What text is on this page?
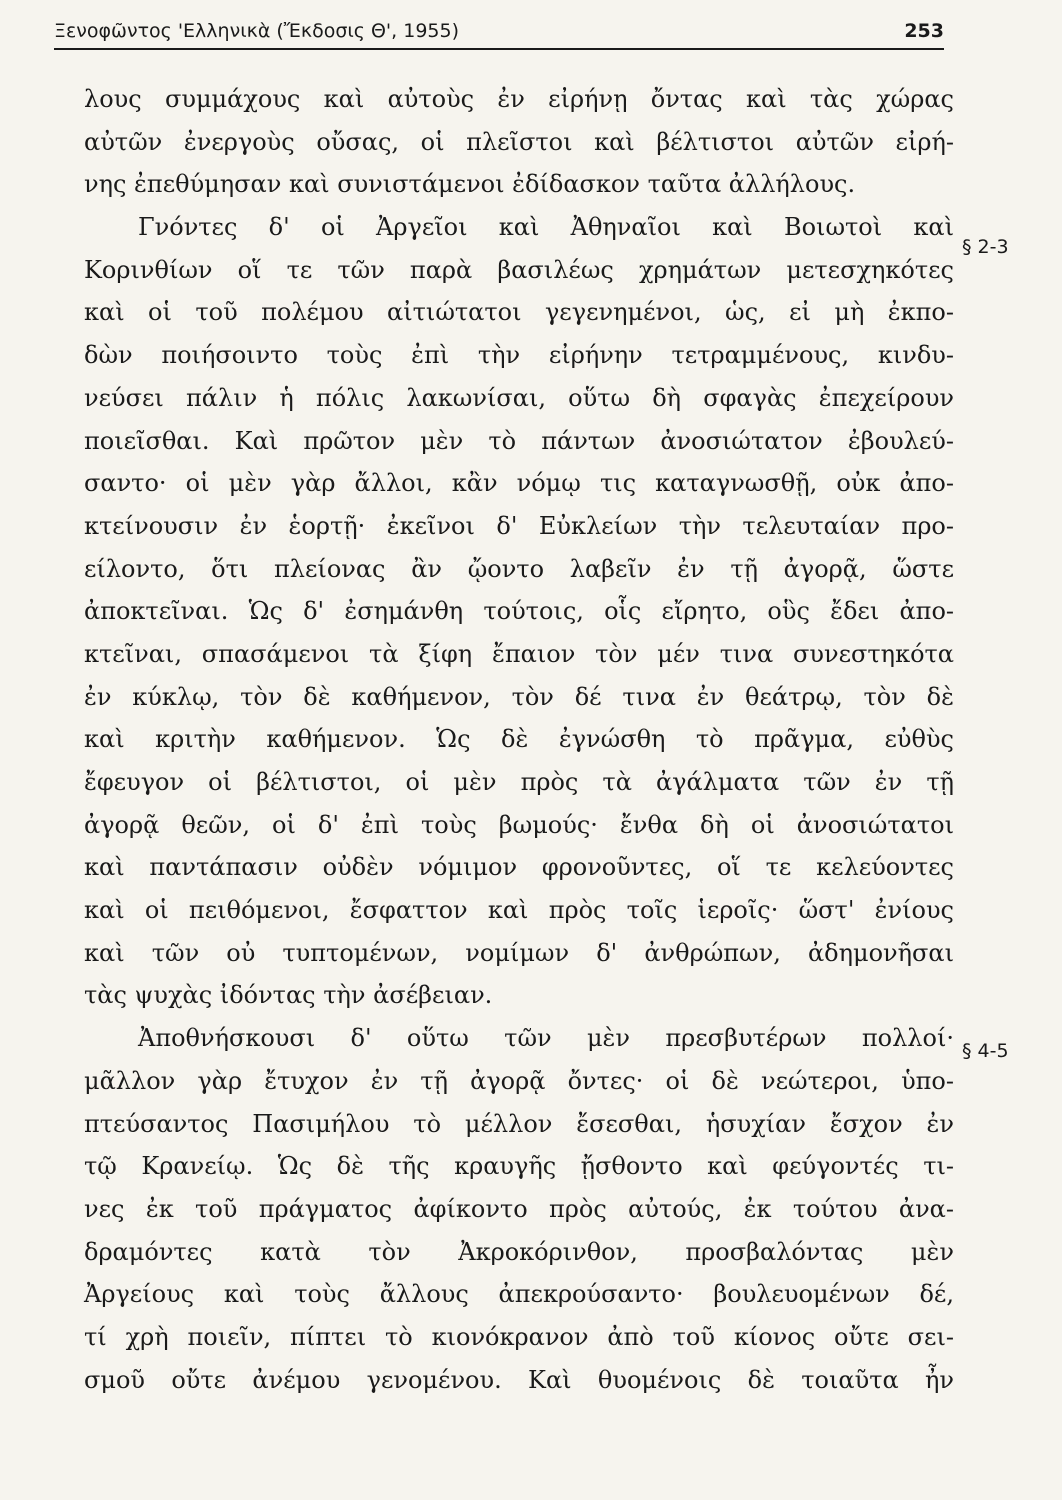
Ξενοφῶντος 'Ελληνικὰ (Ἔκδοσις Θ', 1955)	253
λους συμμάχους καὶ αὐτοὺς ἐν εἰρήνῃ ὄντας καὶ τὰς χώρας
αὐτῶν ἐνεργοὺς οὔσας, οἱ πλεῖστοι καὶ βέλτιστοι αὐτῶν εἰρή-
νης ἐπεθύμησαν καὶ συνιστάμενοι ἐδίδασκον ταῦτα ἀλλήλους.
Γνόντες δ' οἱ Ἀργεῖοι καὶ Ἀθηναῖοι καὶ Βοιωτοὶ καὶ
Κορινθίων οἵ τε τῶν παρὰ βασιλέως χρημάτων μετεσχηκότες
καὶ οἱ τοῦ πολέμου αἰτιώτατοι γεγενημένοι, ὡς, εἰ μὴ ἐκπο-
δὼν ποιήσοιντο τοὺς ἐπὶ τὴν εἰρήνην τετραμμένους, κινδυ-
νεύσει πάλιν ἡ πόλις λακωνίσαι, οὕτω δὴ σφαγὰς ἐπεχείρουν
ποιεῖσθαι. Καὶ πρῶτον μὲν τὸ πάντων ἀνοσιώτατον ἐβουλεύ-
σαντο· οἱ μὲν γὰρ ἄλλοι, κἂν νόμῳ τις καταγνωσθῇ, οὐκ ἀπο-
κτείνουσιν ἐν ἑορτῇ· ἐκεῖνοι δ' Εὐκλείων τὴν τελευταίαν προ-
είλοντο, ὅτι πλείονας ἂν ᾤοντο λαβεῖν ἐν τῇ ἀγορᾷ, ὥστε
ἀποκτεῖναι. Ὡς δ' ἐσημάνθη τούτοις, οἷς εἴρητο, οὓς ἔδει ἀπο-
κτεῖναι, σπασάμενοι τὰ ξίφη ἔπαιον τὸν μέν τινα συνεστηκότα
ἐν κύκλῳ, τὸν δὲ καθήμενον, τὸν δέ τινα ἐν θεάτρῳ, τὸν δὲ
καὶ κριτὴν καθήμενον. Ὡς δὲ ἐγνώσθη τὸ πρᾶγμα, εὐθὺς
ἔφευγον οἱ βέλτιστοι, οἱ μὲν πρὸς τὰ ἀγάλματα τῶν ἐν τῇ
ἀγορᾷ θεῶν, οἱ δ' ἐπὶ τοὺς βωμούς· ἔνθα δὴ οἱ ἀνοσιώτατοι
καὶ παντάπασιν οὐδὲν νόμιμον φρονοῦντες, οἵ τε κελεύοντες
καὶ οἱ πειθόμενοι, ἔσφαττον καὶ πρὸς τοῖς ἱεροῖς· ὥστ' ἐνίους
καὶ τῶν οὐ τυπτομένων, νομίμων δ' ἀνθρώπων, ἀδημονῆσαι
τὰς ψυχὰς ἰδόντας τὴν ἀσέβειαν.
Ἀποθνήσκουσι δ' οὕτω τῶν μὲν πρεσβυτέρων πολλοί·
μᾶλλον γὰρ ἔτυχον ἐν τῇ ἀγορᾷ ὄντες· οἱ δὲ νεώτεροι, ὑπο-
πτεύσαντος Πασιμήλου τὸ μέλλον ἔσεσθαι, ἡσυχίαν ἔσχον ἐν
τῷ Κρανείῳ. Ὡς δὲ τῆς κραυγῆς ᾔσθοντο καὶ φεύγοντές τι-
νες ἐκ τοῦ πράγματος ἀφίκοντο πρὸς αὐτούς, ἐκ τούτου ἀνα-
δραμόντες κατὰ τὸν Ἀκροκόρινθον, προσβαλόντας μὲν
Ἀργείους καὶ τοὺς ἄλλους ἀπεκρούσαντο· βουλευομένων δέ,
τί χρὴ ποιεῖν, πίπτει τὸ κιονόκρανον ἀπὸ τοῦ κίονος οὔτε σει-
σμοῦ οὔτε ἀνέμου γενομένου. Καὶ θυομένοις δὲ τοιαῦτα ἦν
§ 2-3
§ 4-5
